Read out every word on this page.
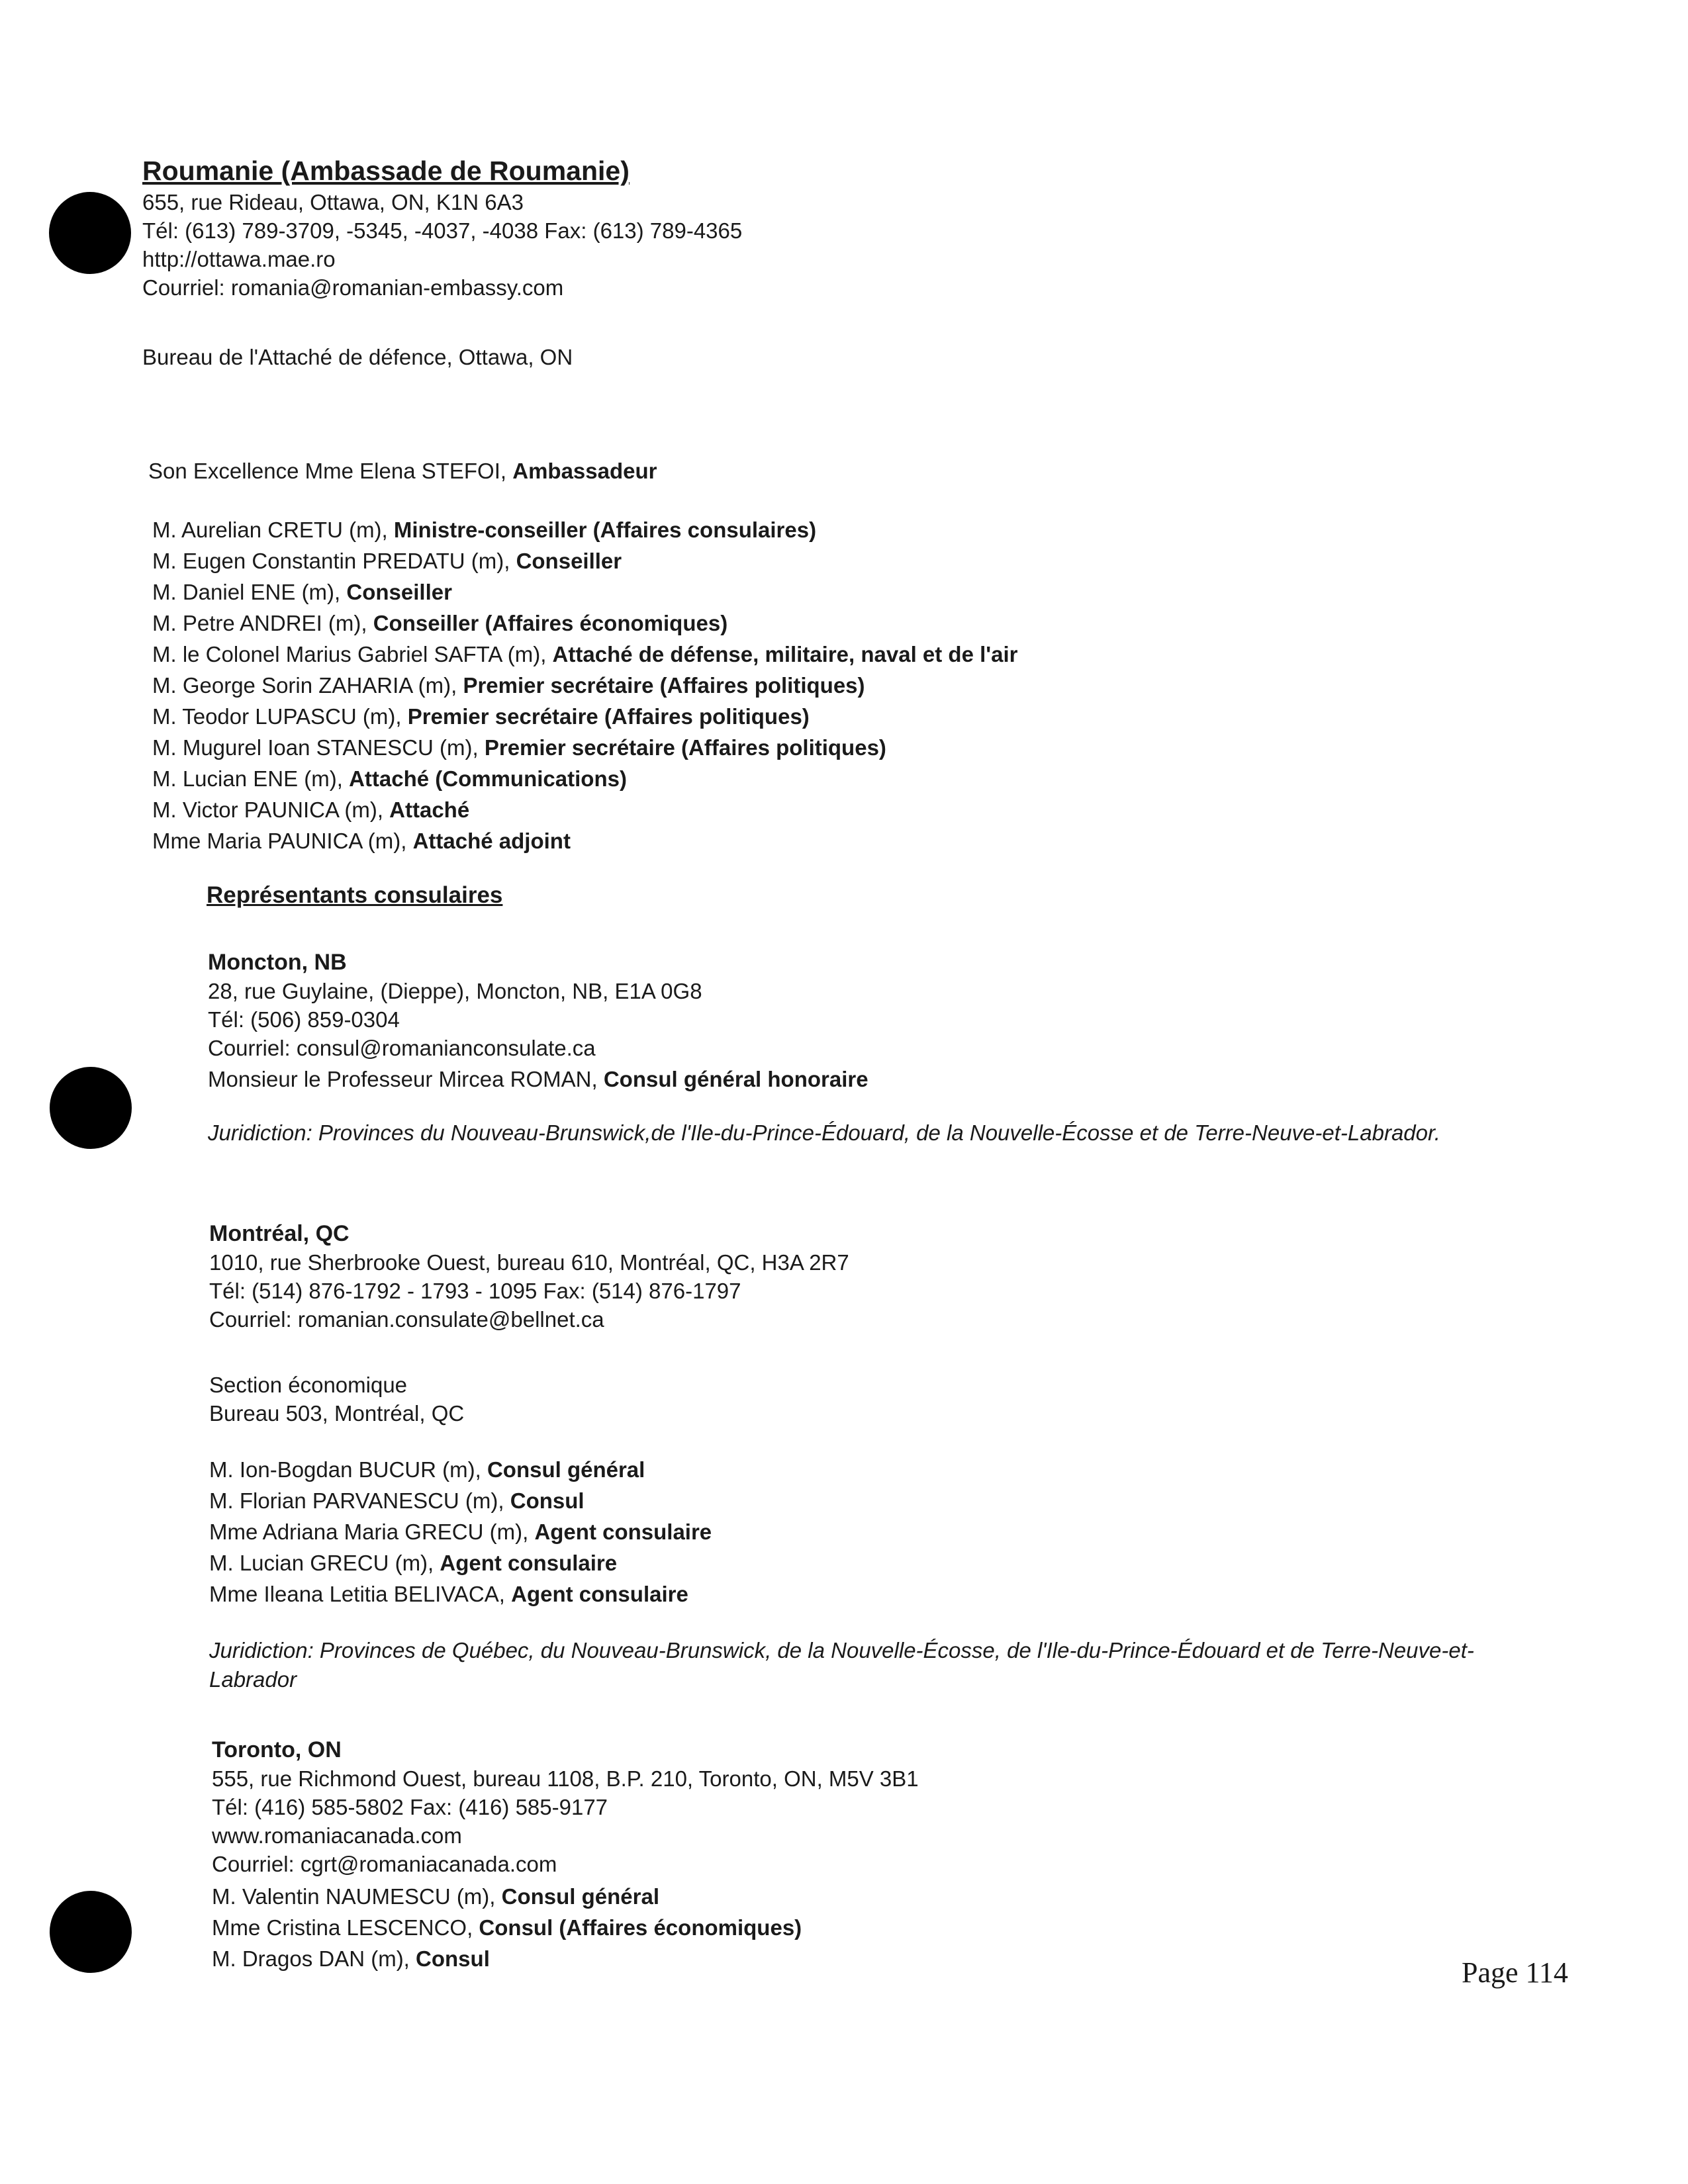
Roumanie (Ambassade de Roumanie)
655, rue Rideau, Ottawa, ON, K1N 6A3
Tél: (613) 789-3709, -5345, -4037, -4038 Fax: (613) 789-4365
http://ottawa.mae.ro
Courriel: romania@romanian-embassy.com
Bureau de l'Attaché de défence, Ottawa, ON
Son Excellence Mme Elena STEFOI, Ambassadeur
M. Aurelian CRETU (m), Ministre-conseiller (Affaires consulaires)
M. Eugen Constantin PREDATU (m), Conseiller
M. Daniel ENE (m), Conseiller
M. Petre ANDREI (m), Conseiller (Affaires économiques)
M. le Colonel Marius Gabriel SAFTA (m), Attaché de défense, militaire, naval et de l'air
M. George Sorin ZAHARIA (m), Premier secrétaire (Affaires politiques)
M. Teodor LUPASCU (m), Premier secrétaire (Affaires politiques)
M. Mugurel Ioan STANESCU (m), Premier secrétaire (Affaires politiques)
M. Lucian ENE (m), Attaché (Communications)
M. Victor PAUNICA (m), Attaché
Mme Maria PAUNICA (m), Attaché adjoint
Représentants consulaires
Moncton, NB
28, rue Guylaine, (Dieppe), Moncton, NB, E1A 0G8
Tél: (506) 859-0304
Courriel: consul@romanianconsulate.ca
Monsieur le Professeur Mircea ROMAN, Consul général honoraire
Juridiction: Provinces du Nouveau-Brunswick,de l'Ile-du-Prince-Édouard, de la Nouvelle-Écosse et de Terre-Neuve-et-Labrador.
Montréal, QC
1010, rue Sherbrooke Ouest, bureau 610, Montréal, QC, H3A 2R7
Tél: (514) 876-1792 - 1793 - 1095 Fax: (514) 876-1797
Courriel: romanian.consulate@bellnet.ca
Section économique
Bureau 503, Montréal, QC
M. Ion-Bogdan BUCUR (m), Consul général
M. Florian PARVANESCU (m), Consul
Mme Adriana Maria GRECU (m), Agent consulaire
M. Lucian GRECU (m), Agent consulaire
Mme Ileana Letitia BELIVACA, Agent consulaire
Juridiction: Provinces de Québec, du Nouveau-Brunswick, de la Nouvelle-Écosse, de l'Ile-du-Prince-Édouard et de Terre-Neuve-et-Labrador
Toronto, ON
555, rue Richmond Ouest, bureau 1108, B.P. 210, Toronto, ON, M5V 3B1
Tél: (416) 585-5802 Fax: (416) 585-9177
www.romaniacanada.com
Courriel: cgrt@romaniacanada.com
M. Valentin NAUMESCU (m), Consul général
Mme Cristina LESCENCO, Consul (Affaires économiques)
M. Dragos DAN (m), Consul	Page 114
